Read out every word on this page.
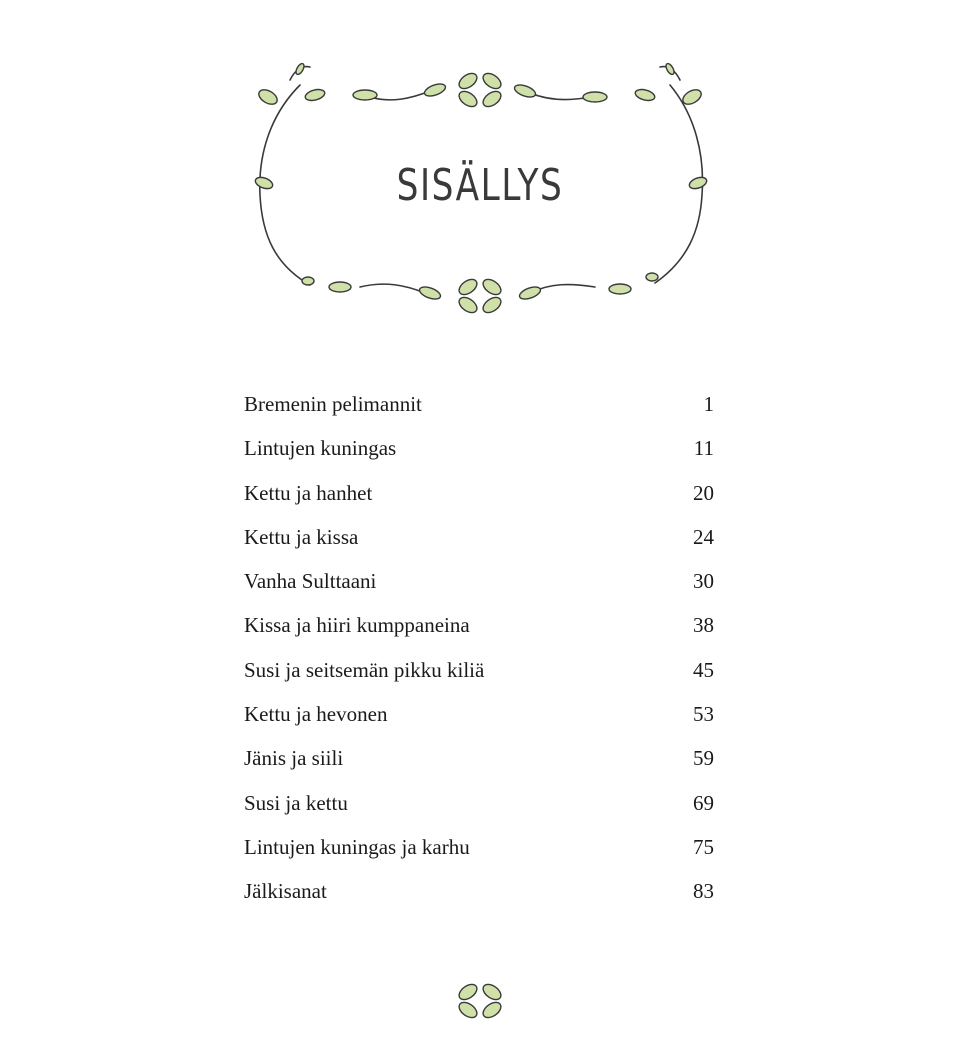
SISÄLLYS
Bremenin pelimannit	1
Lintujen kuningas	11
Kettu ja hanhet	20
Kettu ja kissa	24
Vanha Sulttaani	30
Kissa ja hiiri kumppaneina	38
Susi ja seitsemän pikku kiliä	45
Kettu ja hevonen	53
Jänis ja siili	59
Susi ja kettu	69
Lintujen kuningas ja karhu	75
Jälkisanat	83
